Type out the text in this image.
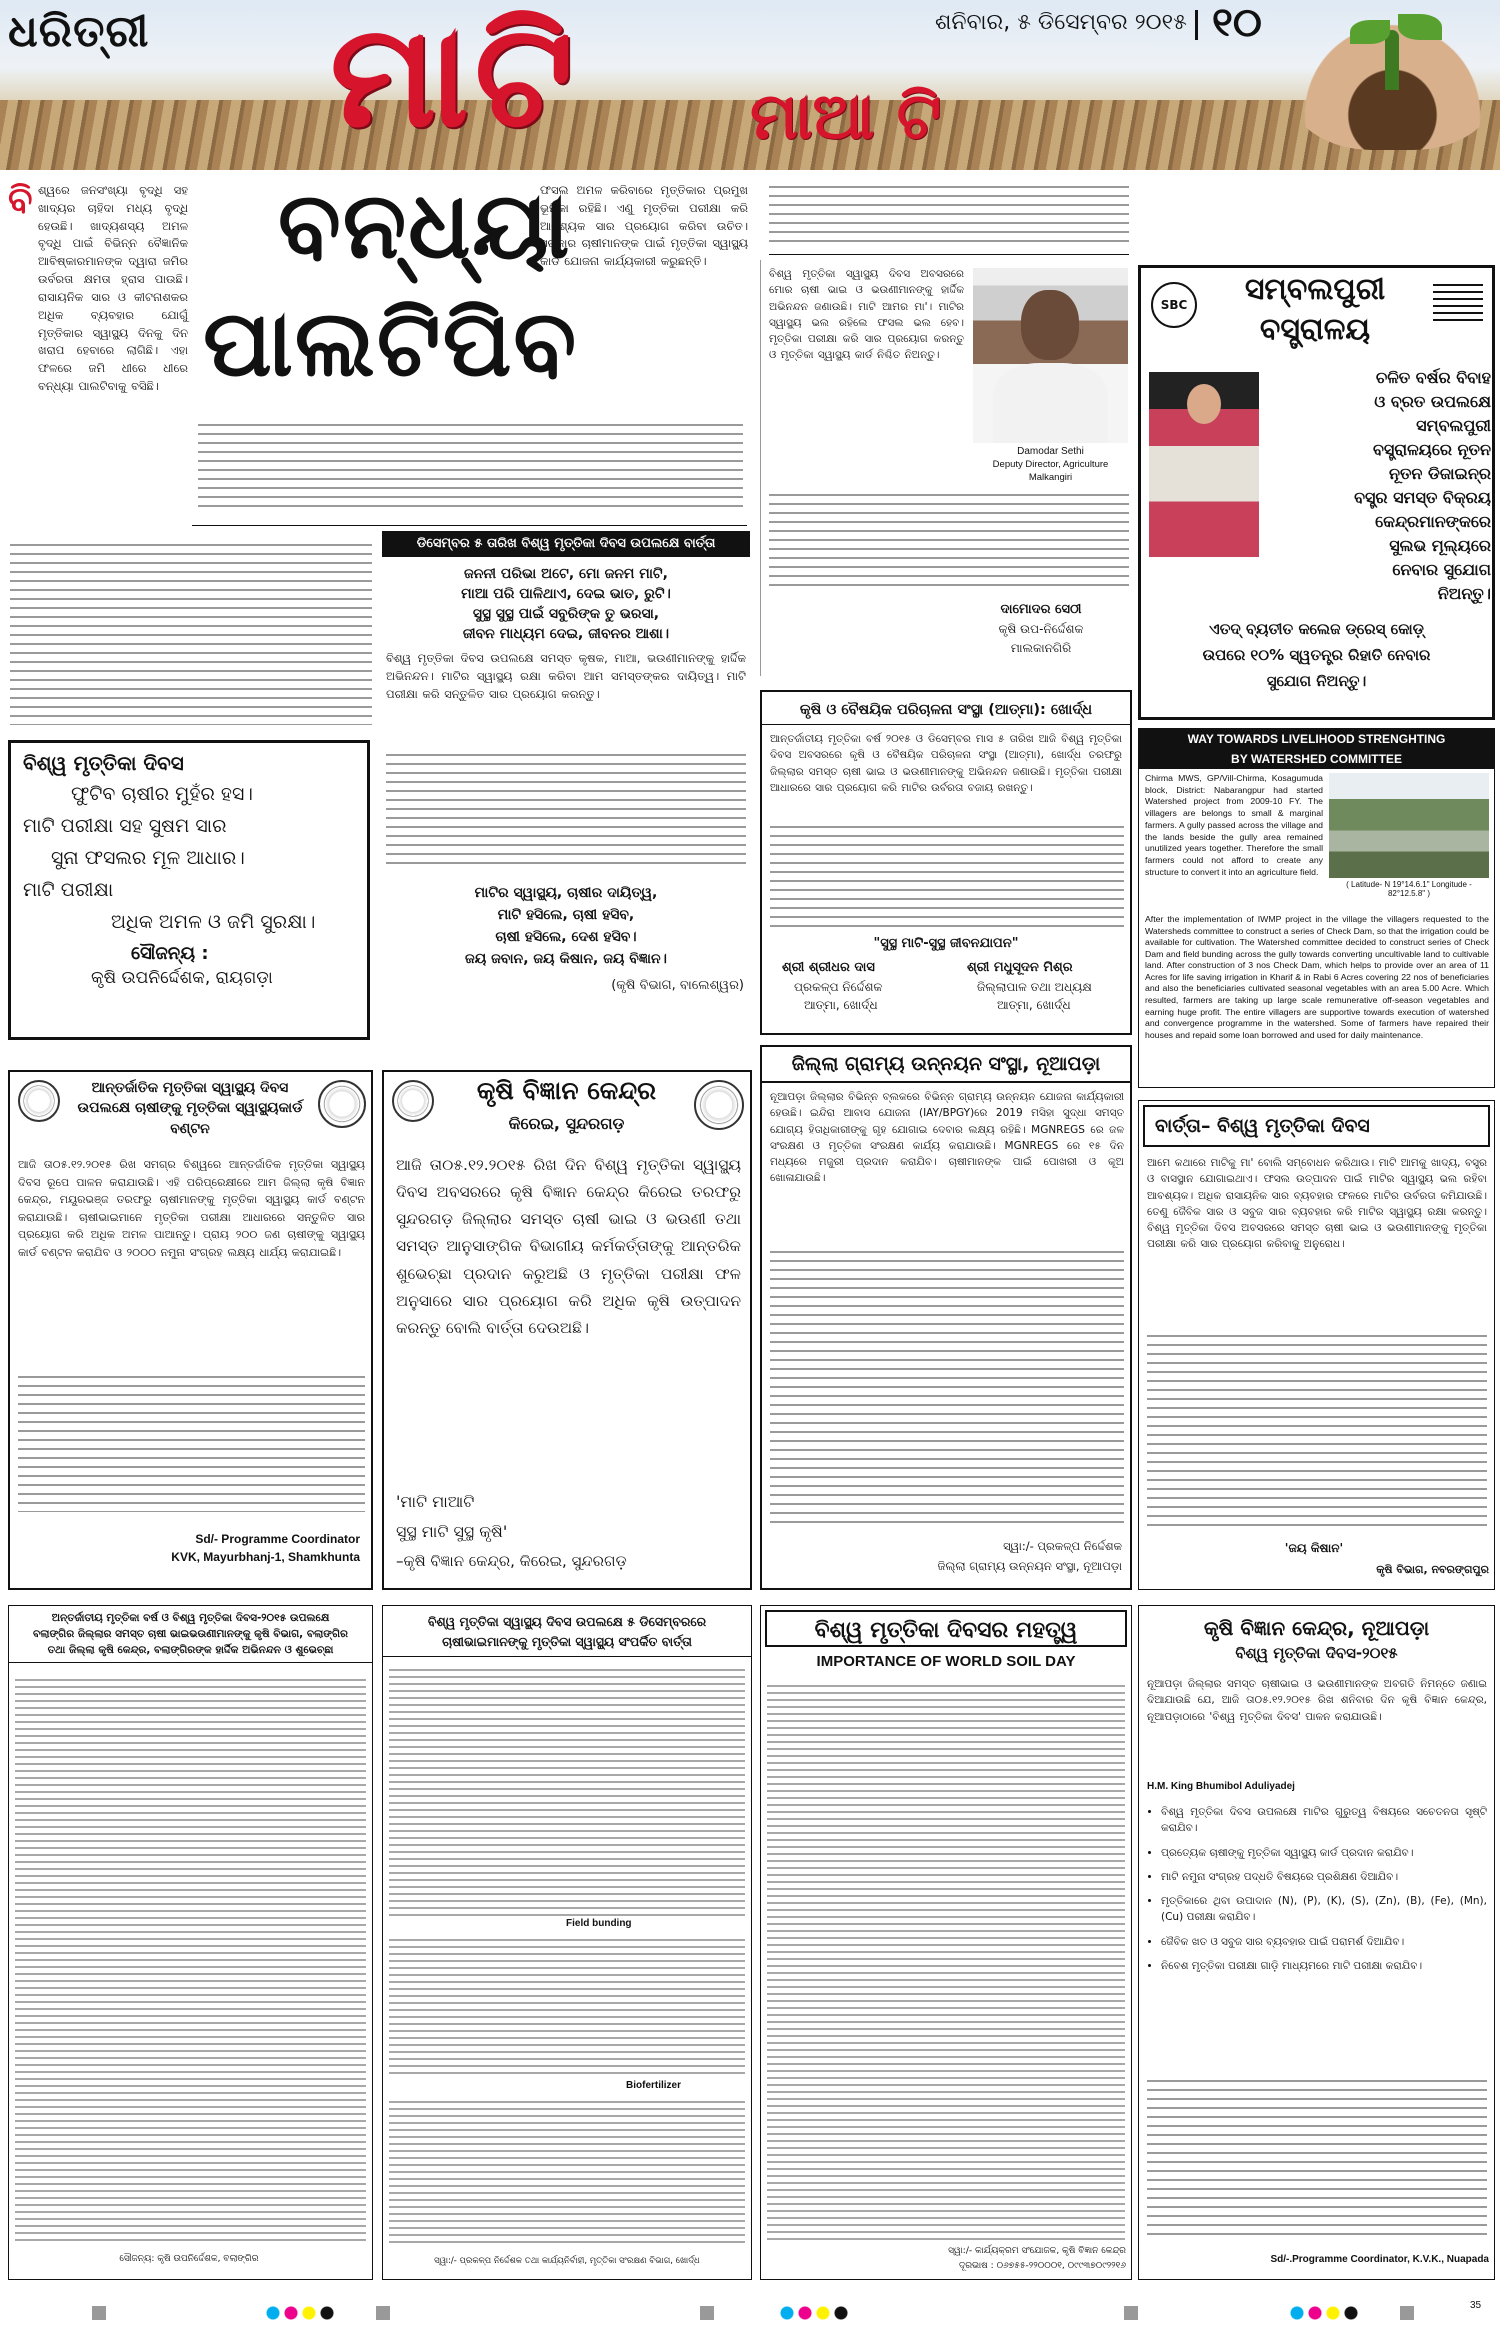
ଧରିତ୍ରୀ ମାଟି	ମାଆ ଟି
ଶନିବାର, ୫ ଡିସେମ୍ବର ୨୦୧୫ ୧୦
ବି ଶ୍ୱରେ ଜନସଂଖ୍ୟା ବୃଦ୍ଧି ସହ ଖାଦ୍ୟର ଚାହିଦା ମଧ୍ୟ ବୃଦ୍ଧି ହେଉଛି। ଖାଦ୍ୟଶସ୍ୟ ଅମଳ ବୃଦ୍ଧି ପାଇଁ ବିଭିନ୍ନ ବୈଜ୍ଞାନିକ ଆବିଷ୍କାରମାନଙ୍କ ଦ୍ୱାରା ଜମିର ଉର୍ବରତା କ୍ଷମତା ହ୍ରାସ ପାଉଛି। ରାସାୟନିକ ସାର ଓ କୀଟନାଶକର ଅଧିକ ବ୍ୟବହାର ଯୋଗୁଁ ମୃତ୍ତିକାର ସ୍ୱାସ୍ଥ୍ୟ ଦିନକୁ ଦିନ ଖରାପ ହେବାରେ ଲାଗିଛି। ଏହା ଫଳରେ ଜମି ଧୀରେ ଧୀରେ ବନ୍ଧ୍ୟା ପାଲଟିବାକୁ ବସିଛି।
ବନ୍ଧ୍ୟା
ପାଲଟିପିବ
ଫସଲ ଅମଳ କରିବାରେ ମୃତ୍ତିକାର ପ୍ରମୁଖ ଭୂମିକା ରହିଛି। ଏଣୁ ମୃତ୍ତିକା ପରୀକ୍ଷା କରି ଆବଶ୍ୟକ ସାର ପ୍ରୟୋଗ କରିବା ଉଚିତ। ସରକାର ଚାଷୀମାନଙ୍କ ପାଇଁ ମୃତ୍ତିକା ସ୍ୱାସ୍ଥ୍ୟ କାର୍ଡ ଯୋଜନା କାର୍ଯ୍ୟକାରୀ କରୁଛନ୍ତି।
ଡିସେମ୍ବର ୫ ତାରିଖ ବିଶ୍ୱ ମୃତ୍ତିକା ଦିବସ ଉପଲକ୍ଷେ ବାର୍ତ୍ତା
ଜନନୀ ପରିଭା ଅଟେ, ମୋ ଜନମ ମାଟି,
ମାଆ ପରି ପାଳିଥାଏ, ଦେଇ ଭାତ, ରୁଟି।
ସୁସ୍ଥ ସୁସ୍ଥ ପାଇଁ ସବୁରିଙ୍କ ତୁ ଭରସା,
ଜୀବନ ମାଧ୍ୟମ ଦେଇ, ଜୀବନର ଆଶା।
ବିଶ୍ୱ ମୃତ୍ତିକା ଦିବସ ଉପଲକ୍ଷେ ସମସ୍ତ କୃଷକ, ମାଆ, ଭଉଣୀମାନଙ୍କୁ ହାର୍ଦ୍ଦିକ ଅଭିନନ୍ଦନ। ମାଟିର ସ୍ୱାସ୍ଥ୍ୟ ରକ୍ଷା କରିବା ଆମ ସମସ୍ତଙ୍କର ଦାୟିତ୍ୱ। ମାଟି ପରୀକ୍ଷା କରି ସନ୍ତୁଳିତ ସାର ପ୍ରୟୋଗ କରନ୍ତୁ।
ମାଟିର ସ୍ୱାସ୍ଥ୍ୟ, ଚାଷୀର ଦାୟିତ୍ୱ,
ମାଟି ହସିଲେ, ଚାଷୀ ହସିବ,
ଚାଷୀ ହସିଲେ, ଦେଶ ହସିବ।
ଜୟ ଜବାନ, ଜୟ କିଷାନ, ଜୟ ବିଜ୍ଞାନ।
(କୃଷି ବିଭାଗ, ବାଲେଶ୍ୱର)
ବିଶ୍ୱ ମୃତ୍ତିକା ଦିବସ
ଫୁଟିବ ଚାଷୀର ମୁହଁର ହସ।
ମାଟି ପରୀକ୍ଷା ସହ ସୁଷମ ସାର
ସୁନା ଫସଲର ମୂଳ ଆଧାର।
ମାଟି ପରୀକ୍ଷା
ଅଧିକ ଅମଳ ଓ ଜମି ସୁରକ୍ଷା।
ସୌଜନ୍ୟ :
କୃଷି ଉପନିର୍ଦ୍ଦେଶକ, ରାୟଗଡ଼ା
ବିଶ୍ୱ ମୃତ୍ତିକା ସ୍ୱାସ୍ଥ୍ୟ ଦିବସ ଅବସରରେ ମୋର ଚାଷୀ ଭାଇ ଓ ଭଉଣୀମାନଙ୍କୁ ହାର୍ଦ୍ଦିକ ଅଭିନନ୍ଦନ ଜଣାଉଛି। ମାଟି ଆମର ମା'। ମାଟିର ସ୍ୱାସ୍ଥ୍ୟ ଭଲ ରହିଲେ ଫସଲ ଭଲ ହେବ। ମୃତ୍ତିକା ପରୀକ୍ଷା କରି ସାର ପ୍ରୟୋଗ କରନ୍ତୁ ଓ ମୃତ୍ତିକା ସ୍ୱାସ୍ଥ୍ୟ କାର୍ଡ ନିଶ୍ଚିତ ନିଅନ୍ତୁ।
Damodar Sethi
Deputy Director, Agriculture
Malkangiri
ଦାମୋଦର ସେଠୀ
କୃଷି ଉପ-ନିର୍ଦ୍ଦେଶକ
ମାଲକାନଗିରି
କୃଷି ଓ ବୈଷୟିକ ପରିଚାଳନା ସଂସ୍ଥା (ଆତ୍ମା): ଖୋର୍ଦ୍ଧ
ଆନ୍ତର୍ଜାତୀୟ ମୃତ୍ତିକା ବର୍ଷ ୨୦୧୫ ଓ ଡିସେମ୍ବର ମାସ ୫ ତାରିଖ ଆଜି ବିଶ୍ୱ ମୃତ୍ତିକା ଦିବସ ଅବସରରେ କୃଷି ଓ ବୈଷୟିକ ପରିଚାଳନା ସଂସ୍ଥା (ଆତ୍ମା), ଖୋର୍ଦ୍ଧ ତରଫରୁ ଜିଲ୍ଲାର ସମସ୍ତ ଚାଷୀ ଭାଇ ଓ ଭଉଣୀମାନଙ୍କୁ ଅଭିନନ୍ଦନ ଜଣାଉଛି। ମୃତ୍ତିକା ପରୀକ୍ଷା ଆଧାରରେ ସାର ପ୍ରୟୋଗ କରି ମାଟିର ଉର୍ବରତା ବଜାୟ ରଖନ୍ତୁ।
"ସୁସ୍ଥ ମାଟି-ସୁସ୍ଥ ଜୀବନଯାପନ"
ଶ୍ରୀ ଶ୍ରୀଧର ଦାସ
ପ୍ରକଳ୍ପ ନିର୍ଦ୍ଦେଶକ
ଆତ୍ମା, ଖୋର୍ଦ୍ଧ
ଶ୍ରୀ ମଧୁସୂଦନ ମିଶ୍ର
ଜିଲ୍ଲାପାଳ ତଥା ଅଧ୍ୟକ୍ଷ
ଆତ୍ମା, ଖୋର୍ଦ୍ଧ
SBC	ସମ୍ବଲପୁରୀ
ବସ୍ତ୍ରାଳୟ
ଚଳିତ ବର୍ଷର ବିବାହ
ଓ ବ୍ରତ ଉପଲକ୍ଷେ
ସମ୍ବଲପୁରୀ
ବସ୍ତ୍ରାଳୟରେ ନୂତନ
ନୂତନ ଡିଜାଇନ୍‌ର
ବସ୍ତ୍ର ସମସ୍ତ ବିକ୍ରୟ
କେନ୍ଦ୍ରମାନଙ୍କରେ
ସୁଲଭ ମୂଲ୍ୟରେ
ନେବାର ସୁଯୋଗ
ନିଅନ୍ତୁ।
ଏତଦ୍ ବ୍ୟତୀତ କଲେଜ ଡ୍ରେସ୍ କୋଡ଼୍
ଉପରେ ୧୦% ସ୍ୱତନ୍ତ୍ର ରିହାତି ନେବାର
ସୁଯୋଗ ନିଅନ୍ତୁ।
WAY TOWARDS LIVELIHOOD STRENGHTING
BY WATERSHED COMMITTEE
Chirma MWS, GP/Vill-Chirma, Kosagumuda block, District: Nabarangpur had started Watershed project from 2009-10 FY. The villagers are belongs to small & marginal farmers. A gully passed across the village and the lands beside the gully area remained unutilized years together. Therefore the small farmers could not afford to create any structure to convert it into an agriculture field.
( Latitude- N 19°14.6.1" Longitude - 82°12.5.8" )
After the implementation of IWMP project in the village the villagers requested to the Watersheds committee to construct a series of Check Dam, so that the irrigation could be available for cultivation. The Watershed committee decided to construct series of Check Dam and field bunding across the gully towards converting uncultivable land to cultivable land. After construction of 3 nos Check Dam, which helps to provide over an area of 11 Acres for life saving irrigation in Kharif & in Rabi 6 Acres covering 22 nos of beneficiaries and also the beneficiaries cultivated seasonal vegetables with an area 5.00 Acre. Which resulted, farmers are taking up large scale remunerative off-season vegetables and earning huge profit. The entire villagers are supportive towards execution of watershed and convergence programme in the watershed. Some of farmers have repaired their houses and repaid some loan borrowed and used for daily maintenance.
ଆନ୍ତର୍ଜାତିକ ମୃତ୍ତିକା ସ୍ୱାସ୍ଥ୍ୟ ଦିବସ ଉପଲକ୍ଷେ ଚାଷୀଙ୍କୁ ମୃତ୍ତିକା ସ୍ୱାସ୍ଥ୍ୟକାର୍ଡ ବଣ୍ଟନ
ଆଜି ତା୦୫.୧୨.୨୦୧୫ ରିଖ ସମଗ୍ର ବିଶ୍ୱରେ ଆନ୍ତର୍ଜାତିକ ମୃତ୍ତିକା ସ୍ୱାସ୍ଥ୍ୟ ଦିବସ ରୂପେ ପାଳନ କରାଯାଉଛି। ଏହି ପରିପ୍ରେକ୍ଷୀରେ ଆମ ଜିଲ୍ଲା କୃଷି ବିଜ୍ଞାନ କେନ୍ଦ୍ର, ମୟୂରଭଞ୍ଜ ତରଫରୁ ଚାଷୀମାନଙ୍କୁ ମୃତ୍ତିକା ସ୍ୱାସ୍ଥ୍ୟ କାର୍ଡ ବଣ୍ଟନ କରାଯାଉଛି। ଚାଷୀଭାଇମାନେ ମୃତ୍ତିକା ପରୀକ୍ଷା ଆଧାରରେ ସନ୍ତୁଳିତ ସାର ପ୍ରୟୋଗ କରି ଅଧିକ ଅମଳ ପାଆନ୍ତୁ। ପ୍ରାୟ ୨୦୦ ଜଣ ଚାଷୀଙ୍କୁ ସ୍ୱାସ୍ଥ୍ୟ କାର୍ଡ ବଣ୍ଟନ କରାଯିବ ଓ ୨୦୦୦ ନମୁନା ସଂଗ୍ରହ ଲକ୍ଷ୍ୟ ଧାର୍ଯ୍ୟ କରାଯାଇଛି।
Sd/- Programme Coordinator
KVK, Mayurbhanj-1, Shamkhunta
କୃଷି ବିଜ୍ଞାନ କେନ୍ଦ୍ର
କିରେଇ, ସୁନ୍ଦରଗଡ଼
ଆଜି ତା୦୫.୧୨.୨୦୧୫ ରିଖ ଦିନ ବିଶ୍ୱ ମୃତ୍ତିକା ସ୍ୱାସ୍ଥ୍ୟ ଦିବସ ଅବସରରେ କୃଷି ବିଜ୍ଞାନ କେନ୍ଦ୍ର କିରେଇ ତରଫରୁ ସୁନ୍ଦରଗଡ଼ ଜିଲ୍ଲାର ସମସ୍ତ ଚାଷୀ ଭାଇ ଓ ଭଉଣୀ ତଥା ସମସ୍ତ ଆନୁସାଙ୍ଗିକ ବିଭାଗୀୟ କର୍ମକର୍ତ୍ତାଙ୍କୁ ଆନ୍ତରିକ ଶୁଭେଚ୍ଛା ପ୍ରଦାନ କରୁଅଛି ଓ ମୃତ୍ତିକା ପରୀକ୍ଷା ଫଳ ଅନୁସାରେ ସାର ପ୍ରୟୋଗ କରି ଅଧିକ କୃଷି ଉତ୍ପାଦନ କରନ୍ତୁ ବୋଲି ବାର୍ତ୍ତା ଦେଉଅଛି।
'ମାଟି ମାଆଟି
ସୁସ୍ଥ ମାଟି ସୁସ୍ଥ କୃଷି'
–କୃଷି ବିଜ୍ଞାନ କେନ୍ଦ୍ର, କିରେଇ, ସୁନ୍ଦରଗଡ଼
ଜିଲ୍ଲା ଗ୍ରାମ୍ୟ ଉନ୍ନୟନ ସଂସ୍ଥା, ନୂଆପଡ଼ା
ନୂଆପଡ଼ା ଜିଲ୍ଲାର ବିଭିନ୍ନ ବ୍ଲକରେ ବିଭିନ୍ନ ଗ୍ରାମ୍ୟ ଉନ୍ନୟନ ଯୋଜନା କାର୍ଯ୍ୟକାରୀ ହେଉଛି। ଇନ୍ଦିରା ଆବାସ ଯୋଜନା (IAY/BPGY)ରେ 2019 ମସିହା ସୁଦ୍ଧା ସମସ୍ତ ଯୋଗ୍ୟ ହିତାଧିକାରୀଙ୍କୁ ଗୃହ ଯୋଗାଇ ଦେବାର ଲକ୍ଷ୍ୟ ରହିଛି। MGNREGS ରେ ଜଳ ସଂରକ୍ଷଣ ଓ ମୃତ୍ତିକା ସଂରକ୍ଷଣ କାର୍ଯ୍ୟ କରାଯାଉଛି। MGNREGS ରେ ୧୫ ଦିନ ମଧ୍ୟରେ ମଜୁରୀ ପ୍ରଦାନ କରାଯିବ। ଚାଷୀମାନଙ୍କ ପାଇଁ ପୋଖରୀ ଓ କୂଅ ଖୋଳାଯାଉଛି।
ସ୍ୱା:/- ପ୍ରକଳ୍ପ ନିର୍ଦ୍ଦେଶକ
ଜିଲ୍ଲା ଗ୍ରାମ୍ୟ ଉନ୍ନୟନ ସଂସ୍ଥା, ନୂଆପଡ଼ା
ବାର୍ତ୍ତା– ବିଶ୍ୱ ମୃତ୍ତିକା ଦିବସ
ଆମେ କଥାରେ ମାଟିକୁ ମା' ବୋଲି ସମ୍ବୋଧନ କରିଥାଉ। ମାଟି ଆମକୁ ଖାଦ୍ୟ, ବସ୍ତ୍ର ଓ ବାସସ୍ଥାନ ଯୋଗାଇଥାଏ। ଫସଲ ଉତ୍ପାଦନ ପାଇଁ ମାଟିର ସ୍ୱାସ୍ଥ୍ୟ ଭଲ ରହିବା ଆବଶ୍ୟକ। ଅଧିକ ରାସାୟନିକ ସାର ବ୍ୟବହାର ଫଳରେ ମାଟିର ଉର୍ବରତା କମିଯାଉଛି। ତେଣୁ ଜୈବିକ ସାର ଓ ସବୁଜ ସାର ବ୍ୟବହାର କରି ମାଟିର ସ୍ୱାସ୍ଥ୍ୟ ରକ୍ଷା କରନ୍ତୁ। ବିଶ୍ୱ ମୃତ୍ତିକା ଦିବସ ଅବସରରେ ସମସ୍ତ ଚାଷୀ ଭାଇ ଓ ଭଉଣୀମାନଙ୍କୁ ମୃତ୍ତିକା ପରୀକ୍ଷା କରି ସାର ପ୍ରୟୋଗ କରିବାକୁ ଅନୁରୋଧ।
'ଜୟ କିଷାନ'
କୃଷି ବିଭାଗ, ନବରଙ୍ଗପୁର
ଅନ୍ତର୍ଜାତୀୟ ମୃତ୍ତିକା ବର୍ଷ ଓ ବିଶ୍ୱ ମୃତ୍ତିକା ଦିବସ-୨୦୧୫ ଉପଲକ୍ଷେ
ବଲାଙ୍ଗିର ଜିଲ୍ଲାର ସମସ୍ତ ଚାଷୀ ଭାଇଭଉଣୀମାନଙ୍କୁ କୃଷି ବିଭାଗ, ବଲାଙ୍ଗିର
ତଥା ଜିଲ୍ଲା କୃଷି କେନ୍ଦ୍ର, ବଲାଙ୍ଗିରଙ୍କ ହାର୍ଦ୍ଦିକ ଅଭିନନ୍ଦନ ଓ ଶୁଭେଚ୍ଛା
ସୌଜନ୍ୟ: କୃଷି ଉପନିର୍ଦ୍ଦେଶକ, ବଲାଙ୍ଗିର
ବିଶ୍ୱ ମୃତ୍ତିକା ସ୍ୱାସ୍ଥ୍ୟ ଦିବସ ଉପଲକ୍ଷେ ୫ ଡିସେମ୍ବରରେ
ଚାଷୀଭାଇମାନଙ୍କୁ ମୃତ୍ତିକା ସ୍ୱାସ୍ଥ୍ୟ ସଂପର୍କିତ ବାର୍ତ୍ତା
Field bunding
Biofertilizer
ସ୍ୱା:/- ପ୍ରକଳ୍ପ ନିର୍ଦ୍ଦେଶକ ତଥା କାର୍ଯ୍ୟନିର୍ବାହୀ, ମୃତ୍ତିକା ସଂରକ୍ଷଣ ବିଭାଗ, ଖୋର୍ଦ୍ଧ
ବିଶ୍ୱ ମୃତ୍ତିକା ଦିବସର ମହତ୍ତ୍ୱ
IMPORTANCE OF WORLD SOIL DAY
ସ୍ୱା:/- କାର୍ଯ୍ୟକ୍ରମ ସଂଯୋଜକ, କୃଷି ବିଜ୍ଞାନ କେନ୍ଦ୍ର
ଦୂରଭାଷ : ୦୬୭୫୫-୨୨୦୦୦୧, ୦୯୯୩୭୦୯୨୨୧୬
କୃଷି ବିଜ୍ଞାନ କେନ୍ଦ୍ର, ନୂଆପଡ଼ା
ବିଶ୍ୱ ମୃତ୍ତିକା ଦିବସ-୨୦୧୫
ନୂଆପଡ଼ା ଜିଲ୍ଲାର ସମସ୍ତ ଚାଷୀଭାଇ ଓ ଭଉଣୀମାନଙ୍କ ଅବଗତି ନିମନ୍ତେ ଜଣାଇ ଦିଆଯାଉଛି ଯେ, ଆଜି ତା୦୫.୧୨.୨୦୧୫ ରିଖ ଶନିବାର ଦିନ କୃଷି ବିଜ୍ଞାନ କେନ୍ଦ୍ର, ନୂଆପଡ଼ାଠାରେ 'ବିଶ୍ୱ ମୃତ୍ତିକା ଦିବସ' ପାଳନ କରାଯାଉଛି।
H.M. King Bhumibol Aduliyadej
• ବିଶ୍ୱ ମୃତ୍ତିକା ଦିବସ ଉପଲକ୍ଷେ ମାଟିର ଗୁରୁତ୍ୱ ବିଷୟରେ ସଚେତନତା ସୃଷ୍ଟି କରାଯିବ।
• ପ୍ରତ୍ୟେକ ଚାଷୀଙ୍କୁ ମୃତ୍ତିକା ସ୍ୱାସ୍ଥ୍ୟ କାର୍ଡ ପ୍ରଦାନ କରାଯିବ।
• ମାଟି ନମୁନା ସଂଗ୍ରହ ପଦ୍ଧତି ବିଷୟରେ ପ୍ରଶିକ୍ଷଣ ଦିଆଯିବ।
• ମୃତ୍ତିକାରେ ଥିବା ଉପାଦାନ (N), (P), (K), (S), (Zn), (B), (Fe), (Mn), (Cu) ପରୀକ୍ଷା କରାଯିବ।
• ଜୈବିକ ଖତ ଓ ସବୁଜ ସାର ବ୍ୟବହାର ପାଇଁ ପରାମର୍ଶ ଦିଆଯିବ।
• ନିବେଶ ମୃତ୍ତିକା ପରୀକ୍ଷା ଗାଡ଼ି ମାଧ୍ୟମରେ ମାଟି ପରୀକ୍ଷା କରାଯିବ।
Sd/-.Programme Coordinator, K.V.K., Nuapada
35
